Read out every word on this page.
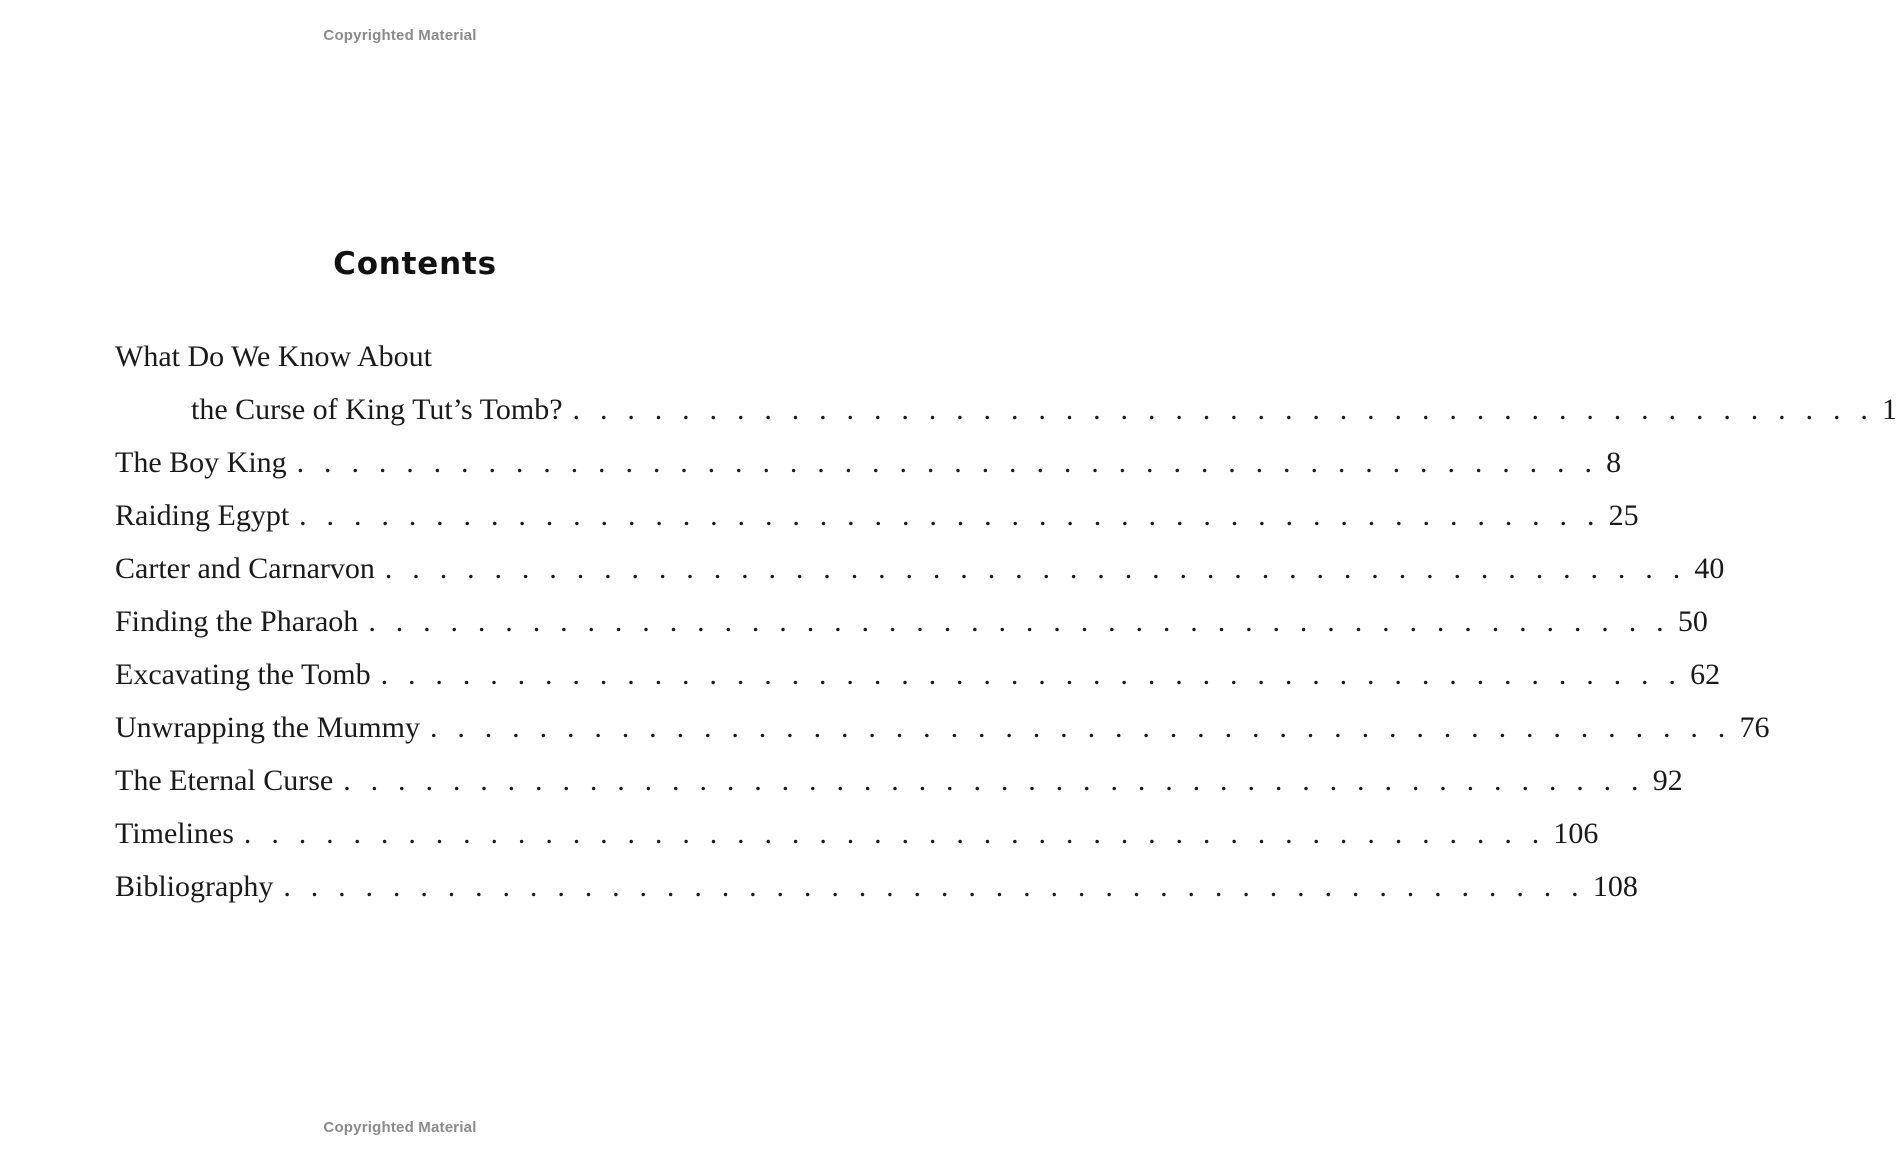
Copyrighted Material
Contents
What Do We Know About
the Curse of King Tut’s Tomb? . . . . . . . . . . . . . . . . . . . . . . . . . . . . . . . . . . . . . . . . . . . . . . . . 1
The Boy King . . . . . . . . . . . . . . . . . . . . . . . . . . . . . . . . . . . . . . . . . . . . . . . . 8
Raiding Egypt . . . . . . . . . . . . . . . . . . . . . . . . . . . . . . . . . . . . . . . . . . . . . . . . 25
Carter and Carnarvon . . . . . . . . . . . . . . . . . . . . . . . . . . . . . . . . . . . . . . . . . . . . . . . . 40
Finding the Pharaoh . . . . . . . . . . . . . . . . . . . . . . . . . . . . . . . . . . . . . . . . . . . . . . . . 50
Excavating the Tomb . . . . . . . . . . . . . . . . . . . . . . . . . . . . . . . . . . . . . . . . . . . . . . . . 62
Unwrapping the Mummy . . . . . . . . . . . . . . . . . . . . . . . . . . . . . . . . . . . . . . . . . . . . . . . . 76
The Eternal Curse . . . . . . . . . . . . . . . . . . . . . . . . . . . . . . . . . . . . . . . . . . . . . . . . 92
Timelines . . . . . . . . . . . . . . . . . . . . . . . . . . . . . . . . . . . . . . . . . . . . . . . . 106
Bibliography . . . . . . . . . . . . . . . . . . . . . . . . . . . . . . . . . . . . . . . . . . . . . . . . 108
Copyrighted Material
